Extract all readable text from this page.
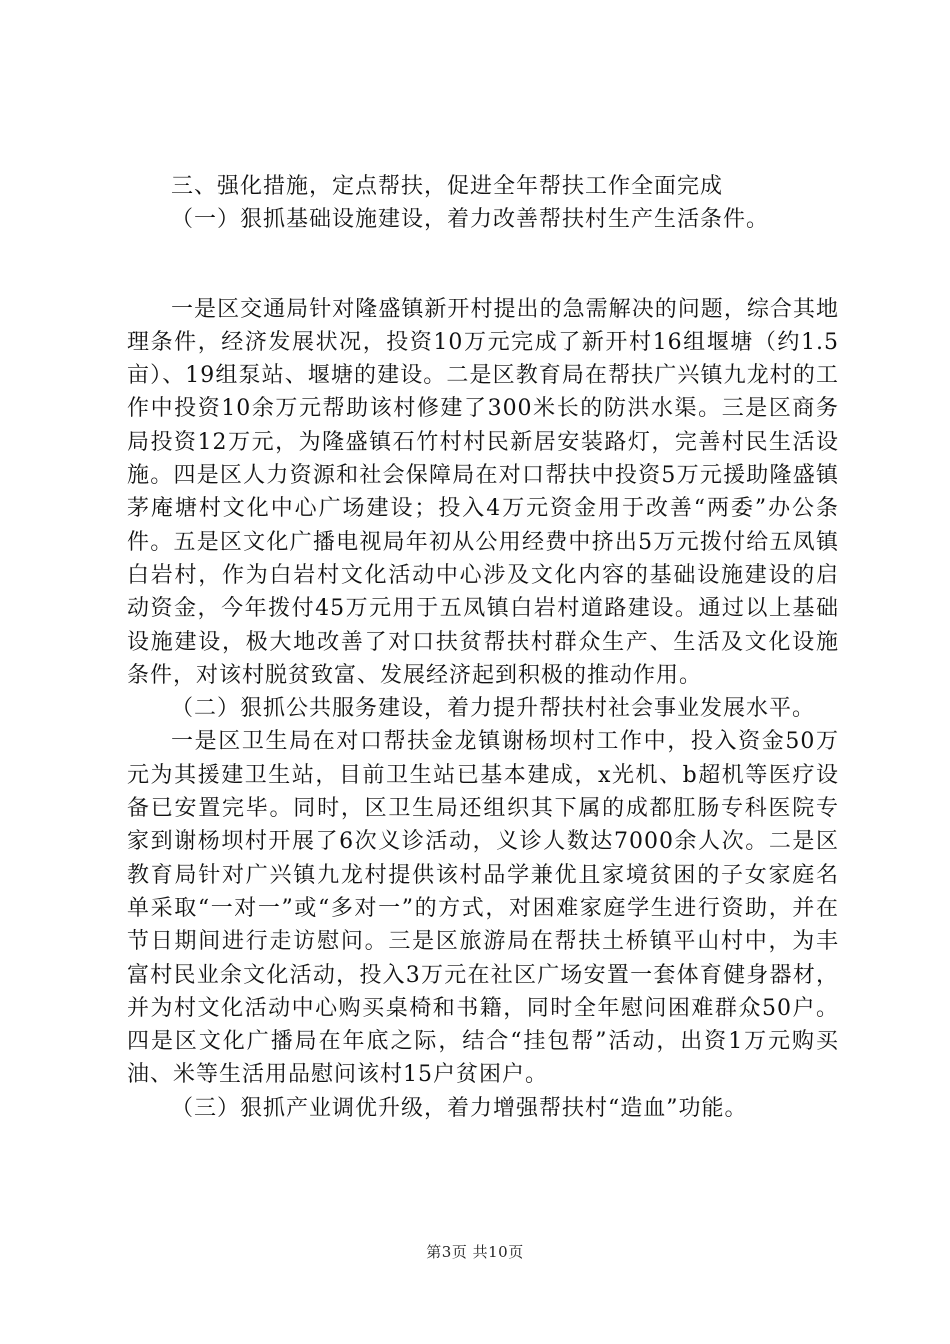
三、强化措施，定点帮扶，促进全年帮扶工作全面完成

（一）狠抓基础设施建设，着力改善帮扶村生产生活条件。

一是区交通局针对隆盛镇新开村提出的急需解决的问题，综合其地理条件，经济发展状况，投资10万元完成了新开村16组堰塘（约1.5亩）、19组泵站、堰塘的建设。二是区教育局在帮扶广兴镇九龙村的工作中投资10余万元帮助该村修建了300米长的防洪水渠。三是区商务局投资12万元，为隆盛镇石竹村村民新居安装路灯，完善村民生活设施。四是区人力资源和社会保障局在对口帮扶中投资5万元援助隆盛镇茅庵塘村文化中心广场建设；投入4万元资金用于改善“两委”办公条件。五是区文化广播电视局年初从公用经费中挤出5万元拨付给五凤镇白岩村，作为白岩村文化活动中心涉及文化内容的基础设施建设的启动资金，今年拨付45万元用于五凤镇白岩村道路建设。通过以上基础设施建设，极大地改善了对口扶贫帮扶村群众生产、生活及文化设施条件，对该村脱贫致富、发展经济起到积极的推动作用。

（二）狠抓公共服务建设，着力提升帮扶村社会事业发展水平。

一是区卫生局在对口帮扶金龙镇谢杨坝村工作中，投入资金50万元为其援建卫生站，目前卫生站已基本建成，x光机、b超机等医疗设备已安置完毕。同时，区卫生局还组织其下属的成都肛肠专科医院专家到谢杨坝村开展了6次义诊活动，义诊人数达7000余人次。二是区教育局针对广兴镇九龙村提供该村品学兼优且家境贫困的子女家庭名单采取“一对一”或“多对一”的方式，对困难家庭学生进行资助，并在节日期间进行走访慰问。三是区旅游局在帮扶土桥镇平山村中，为丰富村民业余文化活动，投入3万元在社区广场安置一套体育健身器材，并为村文化活动中心购买桌椅和书籍，同时全年慰问困难群众50户。四是区文化广播局在年底之际，结合“挂包帮”活动，出资1万元购买油、米等生活用品慰问该村15户贫困户。

（三）狠抓产业调优升级，着力增强帮扶村“造血”功能。

第3页 共10页
